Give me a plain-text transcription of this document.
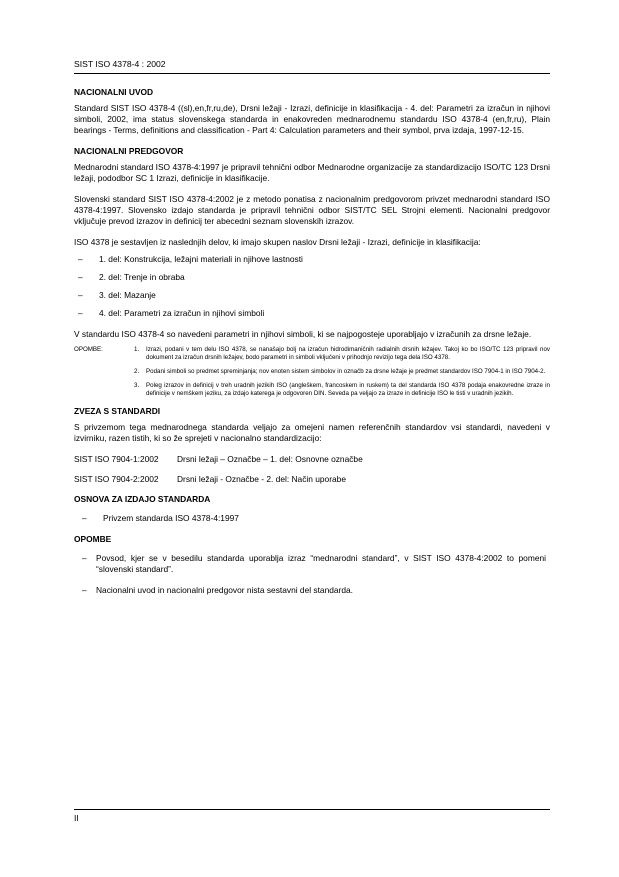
SIST ISO 4378-4 : 2002
NACIONALNI UVOD

Standard SIST ISO 4378-4 ((sl),en,fr,ru,de), Drsni ležaji - Izrazi, definicije in klasifikacija - 4. del: Parametri za izračun in njihovi simboli, 2002, ima status slovenskega standarda in enakovreden mednarodnemu standardu ISO 4378-4 (en,fr,ru), Plain bearings - Terms, definitions and classification - Part 4: Calculation parameters and their symbol, prva izdaja, 1997-12-15.

NACIONALNI PREDGOVOR

Mednarodni standard ISO 4378-4:1997 je pripravil tehnični odbor Mednarodne organizacije za standardizacijo ISO/TC 123 Drsni ležaji, pododbor SC 1 Izrazi, definicije in klasifikacije.

Slovenski standard SIST ISO 4378-4:2002 je z metodo ponatisa z nacionalnim predgovorom privzet mednarodni standard ISO 4378-4:1997. Slovensko izdajo standarda je pripravil tehnični odbor SIST/TC SEL Strojni elementi. Nacionalni predgovor vključuje prevod izrazov in definicij ter abecedni seznam slovenskih izrazov.

ISO 4378 je sestavljen iz naslednjih delov, ki imajo skupen naslov Drsni ležaji - Izrazi, definicije in klasifikacija:

–	1. del: Konstrukcija, ležajni materiali in njihove lastnosti
–	2. del: Trenje in obraba
–	3. del: Mazanje
–	4. del: Parametri za izračun in njihovi simboli

V standardu ISO 4378-4 so navedeni parametri in njihovi simboli, ki se najpogosteje uporabljajo v izračunih za drsne ležaje.

OPOMBE:	1.	Izrazi, podani v tem delu ISO 4378, se nanašajo bolj na izračun hidrodimaničnih radialnih drsnih ležajev. Takoj ko bo ISO/TC 123 pripravil nov dokument za izračun drsnih ležajev, bodo parametri in simboli vključeni v prihodnjo revizijo tega dela ISO 4378.
2.	Podani simboli so predmet spreminjanja; nov enoten sistem simbolov in označb za drsne ležaje je predmet standardov ISO 7904-1 in ISO 7904-2.
3.	Poleg izrazov in definicij v treh uradnih jezikih ISO (angleškem, francoskem in ruskem) ta del standarda ISO 4378 podaja enakovredne izraze in definicije v nemškem jeziku, za izdajo katerega je odgovoren DIN. Seveda pa veljajo za izraze in definicije ISO le tisti v uradnih jezikih.
ZVEZA S STANDARDI

S privzemom tega mednarodnega standarda veljajo za omejeni namen referenčnih standardov vsi standardi, navedeni v izvirniku, razen tistih, ki so že sprejeti v nacionalno standardizacijo:

SIST ISO 7904-1:2002	Drsni ležaji – Označbe – 1. del: Osnovne označbe
SIST ISO 7904-2:2002	Drsni ležaji - Označbe - 2. del: Način uporabe
OSNOVA ZA IZDAJO STANDARDA
–	Privzem standarda ISO 4378-4:1997
OPOMBE
–	Povsod, kjer se v besedilu standarda uporablja izraz “mednarodni standard”, v SIST ISO 4378-4:2002 to pomeni “slovenski standard”.
–	Nacionalni uvod in nacionalni predgovor nista sestavni del standarda.
II
